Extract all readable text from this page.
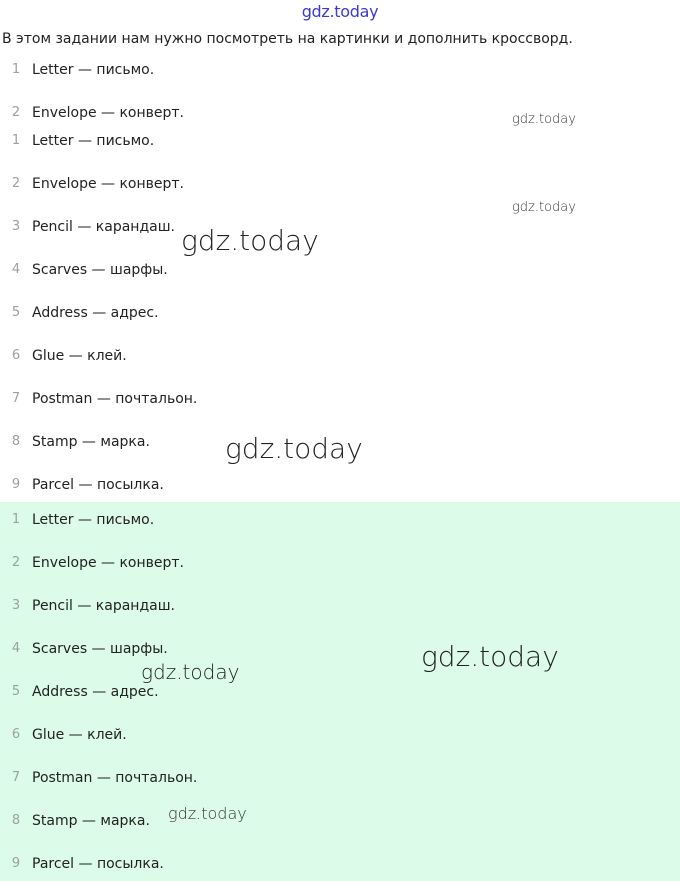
gdz.today
В этом задании нам нужно посмотреть на картинки и дополнить кроссворд.
1 Letter — письмо.
2 Envelope — конверт.
1 Letter — письмо.
2 Envelope — конверт.
3 Pencil — карандаш.
4 Scarves — шарфы.
5 Address — адрес.
6 Glue — клей.
7 Postman — почтальон.
8 Stamp — марка.
9 Parcel — посылка.
1 Letter — письмо.
2 Envelope — конверт.
3 Pencil — карандаш.
4 Scarves — шарфы.
5 Address — адрес.
6 Glue — клей.
7 Postman — почтальон.
8 Stamp — марка.
9 Parcel — посылка.
gdz.today
gdz.today
gdz.today
gdz.today
gdz.today
gdz.today
gdz.today
